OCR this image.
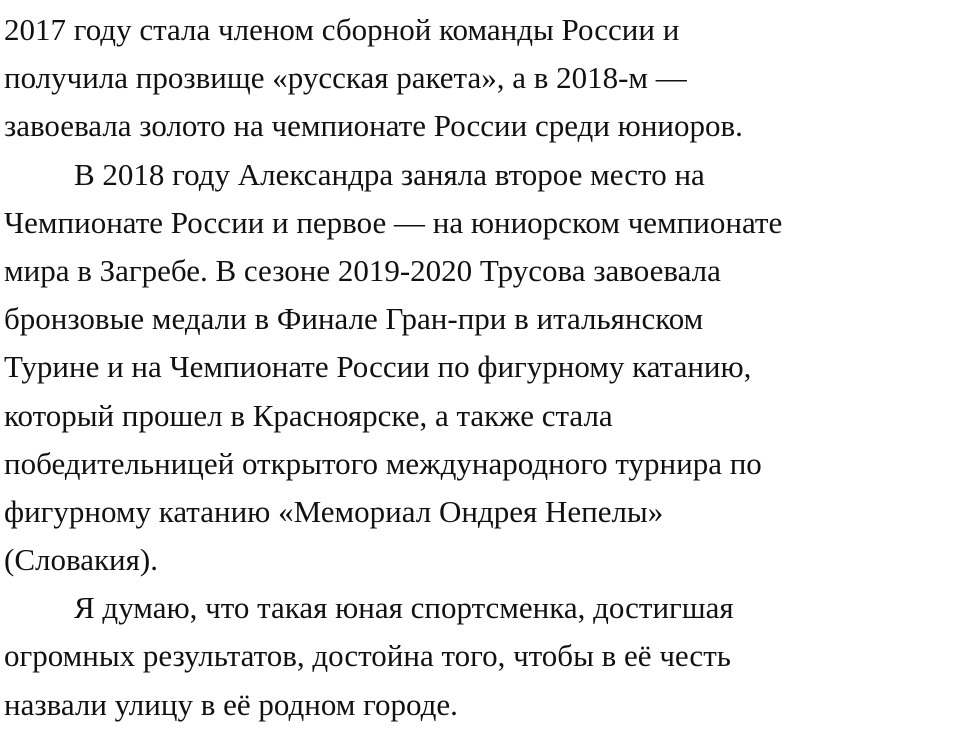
2017 году стала членом сборной команды России и
получила прозвище «русская ракета», а в 2018-м —
завоевала золото на чемпионате России среди юниоров.
В 2018 году Александра заняла второе место на
Чемпионате России и первое — на юниорском чемпионате
мира в Загребе. В сезоне 2019-2020 Трусова завоевала
бронзовые медали в Финале Гран-при в итальянском
Турине и на Чемпионате России по фигурному катанию,
который прошел в Красноярске, а также стала
победительницей открытого международного турнира по
фигурному катанию «Мемориал Ондрея Непелы»
(Словакия).
Я думаю, что такая юная спортсменка, достигшая
огромных результатов, достойна того, чтобы в её честь
назвали улицу в её родном городе.
